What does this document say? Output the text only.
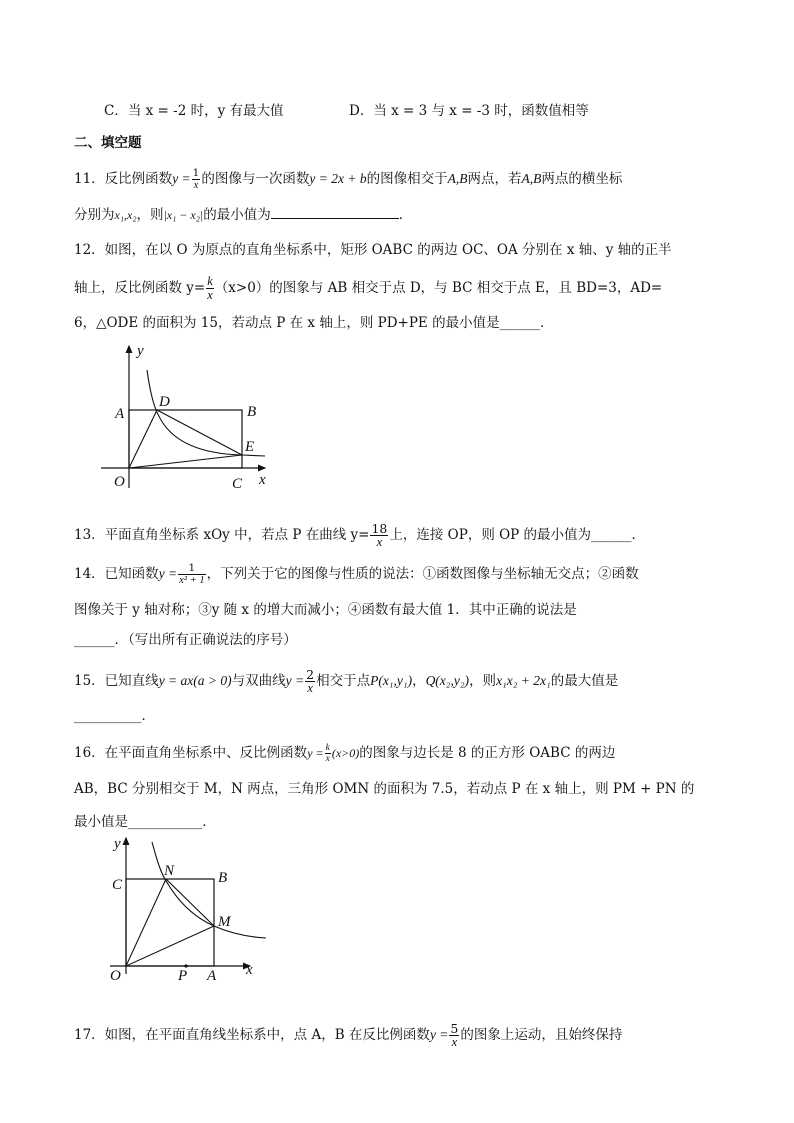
C．当 x = -2 时，y 有最大值	D．当 x = 3 与 x = -3 时，函数值相等
二、填空题
11．反比例函数$y = \frac{1}{x}$ 的图像与一次函数y = 2x + b的图像相交于A,B两点，若A,B两点的横坐标
分别为x₁,x₂，则|x₁ − x₂|的最小值为	．
12．如图，在以 O 为原点的直角坐标系中，矩形 OABC 的两边 OC、OA 分别在 x 轴、y 轴的正半
轴上，反比例函数 $y= \frac{k}{x} (x>0)$的图象与 AB 相交于点 D，与 BC 相交于点 E，且 BD=3，AD=
6，△ODE 的面积为 15，若动点 P 在 x 轴上，则 PD+PE 的最小值是______．
y
x
O
A	B
C
D
E
13．平面直角坐标系 xOy 中，若点 P 在曲线 $y= \frac{18}{x}$ 上，连接 OP，则 OP 的最小值为______．
14．已知函数$y = \frac{1}{\text{x² + 1}}$ ，下列关于它的图像与性质的说法：①函数图像与坐标轴无交点；②函数
图像关于 y 轴对称；③y 随 x 的增大而减小；④函数有最大值 1．其中正确的说法是
______．（写出所有正确说法的序号）
15．已知直线y = ax(a > 0)与双曲线$y = \frac{2}{x}$ 相交于点P(x₁,y₁)，Q(x₂,y₂)，则x₁x₂ + 2x₁的最大值是
__________．
16．在平面直角坐标系中、反比例函数$y = \frac{k}{x} (x>0)$的图象与边长是 8 的正方形 OABC 的两边
AB，BC 分别相交于 M，N 两点，三角形 OMN 的面积为 7.5，若动点 P 在 x 轴上，则 PM + PN 的
最小值是___________．
y
x
O	P A
B
C
N
M
17．如图，在平面直角线坐标系中，点 A，B 在反比例函数$y = \frac{5}{x}$ 的图象上运动，且始终保持
